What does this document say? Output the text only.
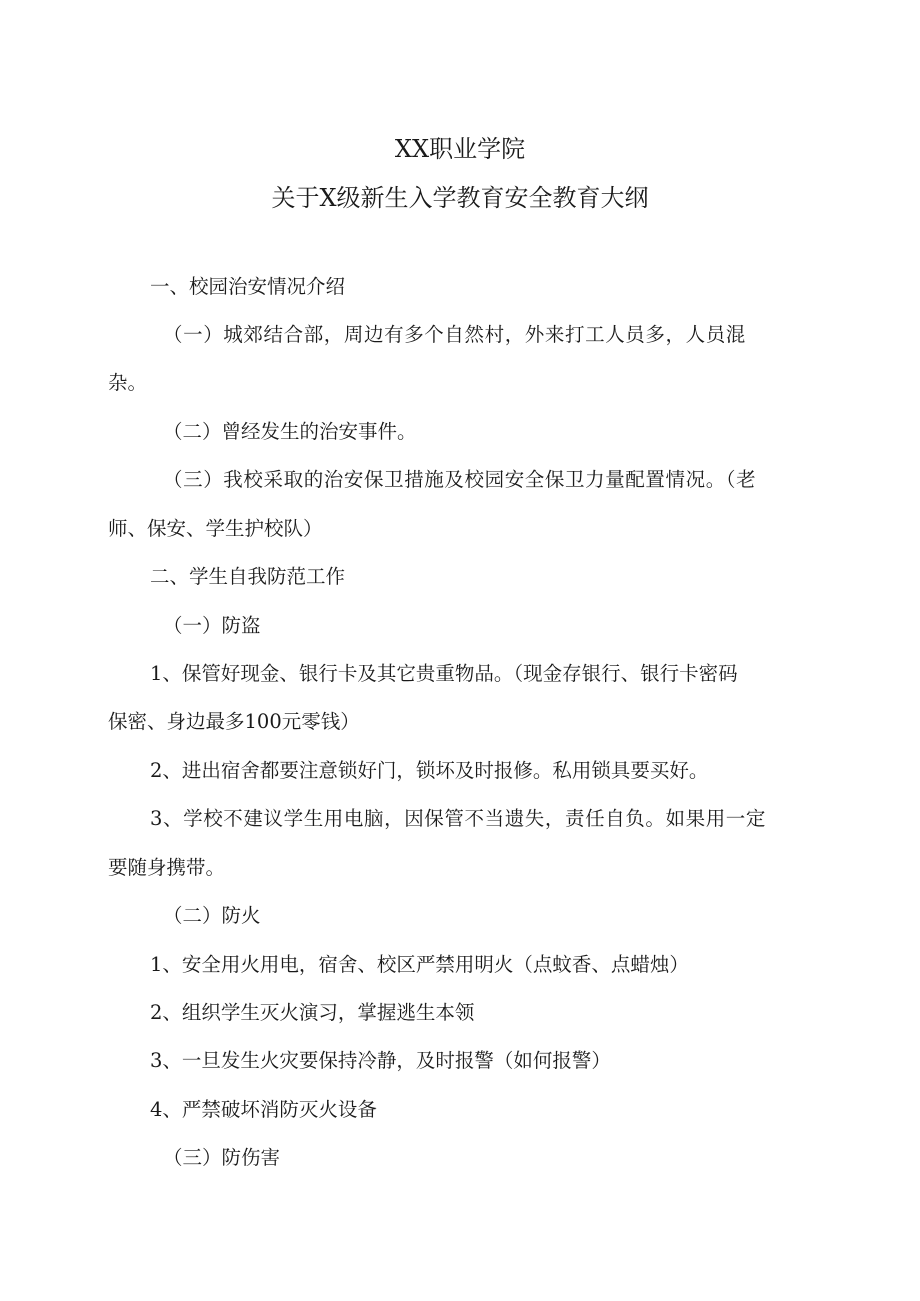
XX职业学院
关于X级新生入学教育安全教育大纲

一、校园治安情况介绍

（一）城郊结合部，周边有多个自然村，外来打工人员多，人员混

杂。

（二）曾经发生的治安事件。

（三）我校采取的治安保卫措施及校园安全保卫力量配置情况。（老

师、保安、学生护校队）

二、学生自我防范工作

（一）防盗

1、保管好现金、银行卡及其它贵重物品。（现金存银行、银行卡密码

保密、身边最多100元零钱）

2、进出宿舍都要注意锁好门，锁坏及时报修。私用锁具要买好。

3、学校不建议学生用电脑，因保管不当遗失，责任自负。如果用一定

要随身携带。

（二）防火

1、安全用火用电，宿舍、校区严禁用明火（点蚊香、点蜡烛）

2、组织学生灭火演习，掌握逃生本领

3、一旦发生火灾要保持冷静，及时报警（如何报警）

4、严禁破坏消防灭火设备

（三）防伤害
